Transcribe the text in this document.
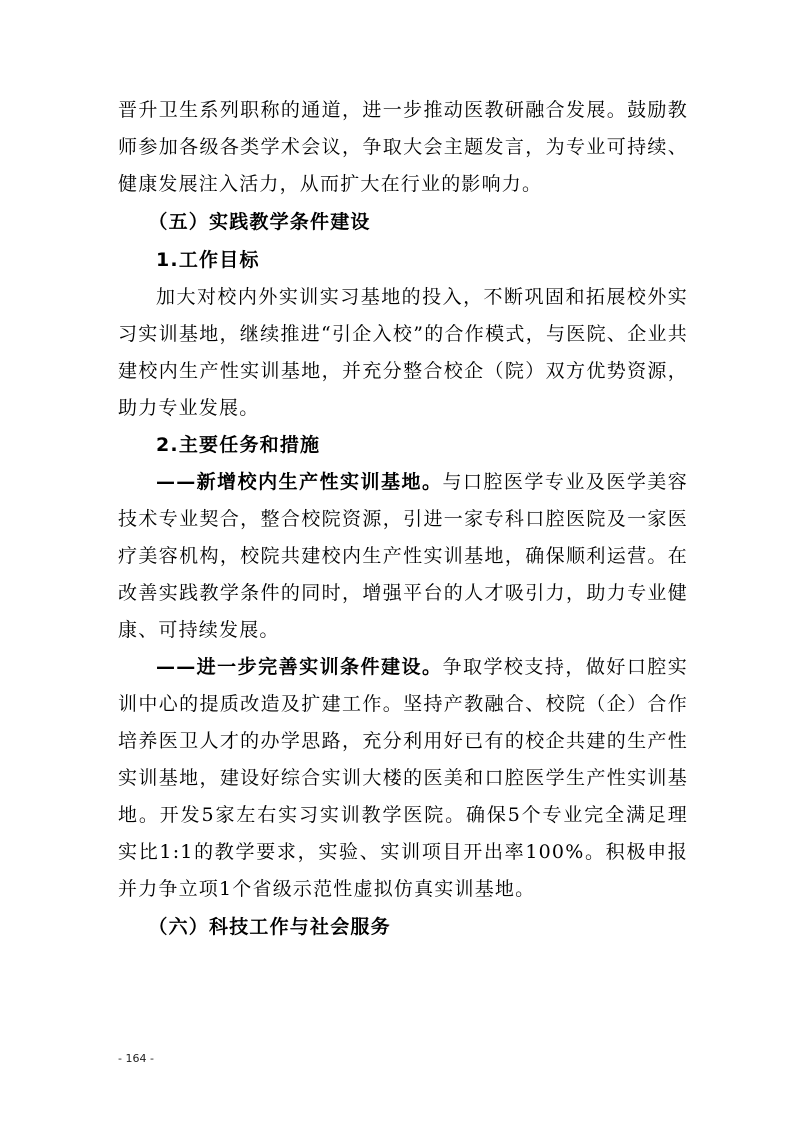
晋升卫生系列职称的通道，进一步推动医教研融合发展。鼓励教师参加各级各类学术会议，争取大会主题发言，为专业可持续、健康发展注入活力，从而扩大在行业的影响力。

（五）实践教学条件建设

1.工作目标

加大对校内外实训实习基地的投入，不断巩固和拓展校外实习实训基地，继续推进“引企入校”的合作模式，与医院、企业共建校内生产性实训基地，并充分整合校企（院）双方优势资源，助力专业发展。

2.主要任务和措施

——新增校内生产性实训基地。与口腔医学专业及医学美容技术专业契合，整合校院资源，引进一家专科口腔医院及一家医疗美容机构，校院共建校内生产性实训基地，确保顺利运营。在改善实践教学条件的同时，增强平台的人才吸引力，助力专业健康、可持续发展。

——进一步完善实训条件建设。争取学校支持，做好口腔实训中心的提质改造及扩建工作。坚持产教融合、校院（企）合作培养医卫人才的办学思路，充分利用好已有的校企共建的生产性实训基地，建设好综合实训大楼的医美和口腔医学生产性实训基地。开发5家左右实习实训教学医院。确保5个专业完全满足理实比1:1的教学要求，实验、实训项目开出率100%。积极申报并力争立项1个省级示范性虚拟仿真实训基地。

（六）科技工作与社会服务

- 164 -
